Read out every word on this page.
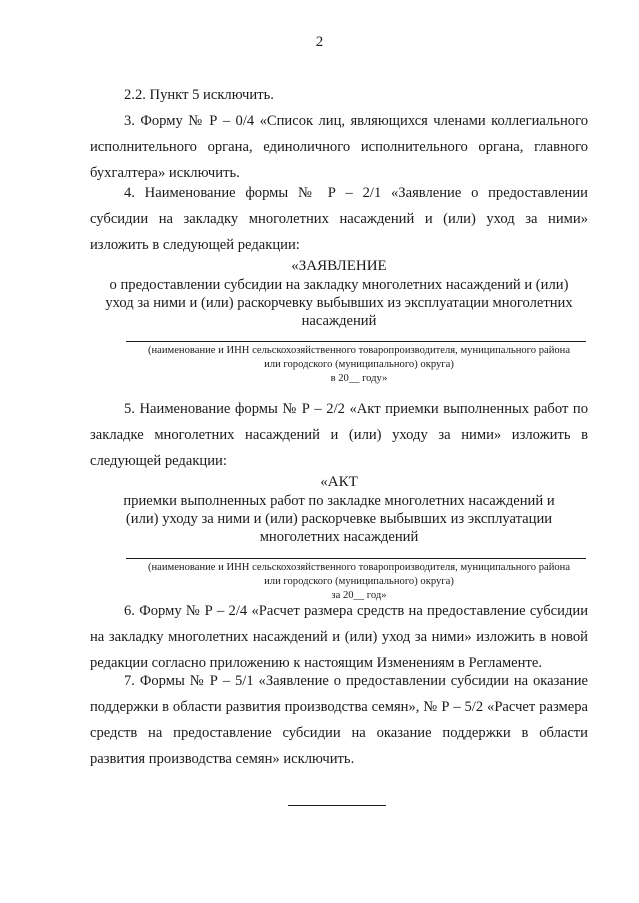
2
2.2. Пункт 5 исключить.
3. Форму № Р – 0/4 «Список лиц, являющихся членами коллегиального исполнительного органа, единоличного исполнительного органа, главного бухгалтера» исключить.
4. Наименование формы № Р – 2/1 «Заявление о предоставлении субсидии на закладку многолетних насаждений и (или) уход за ними» изложить в следующей редакции:
«ЗАЯВЛЕНИЕ
о предоставлении субсидии на закладку многолетних насаждений и (или)
уход за ними и (или) раскорчевку выбывших из эксплуатации многолетних
насаждений
(наименование и ИНН сельскохозяйственного товаропроизводителя, муниципального района
или городского (муниципального) округа)
в 20__ году»
5. Наименование формы № Р – 2/2 «Акт приемки выполненных работ по закладке многолетних насаждений и (или) уходу за ними» изложить в следующей редакции:
«АКТ
приемки выполненных работ по закладке многолетних насаждений и
(или) уходу за ними и (или) раскорчевке выбывших из эксплуатации
многолетних насаждений
(наименование и ИНН сельскохозяйственного товаропроизводителя, муниципального района
или городского (муниципального) округа)
за 20__ год»
6. Форму № Р – 2/4 «Расчет размера средств на предоставление субсидии на закладку многолетних насаждений и (или) уход за ними» изложить в новой редакции согласно приложению к настоящим Изменениям в Регламенте.
7. Формы № Р – 5/1 «Заявление о предоставлении субсидии на оказание поддержки в области развития производства семян», № Р – 5/2 «Расчет размера средств на предоставление субсидии на оказание поддержки в области развития производства семян» исключить.
